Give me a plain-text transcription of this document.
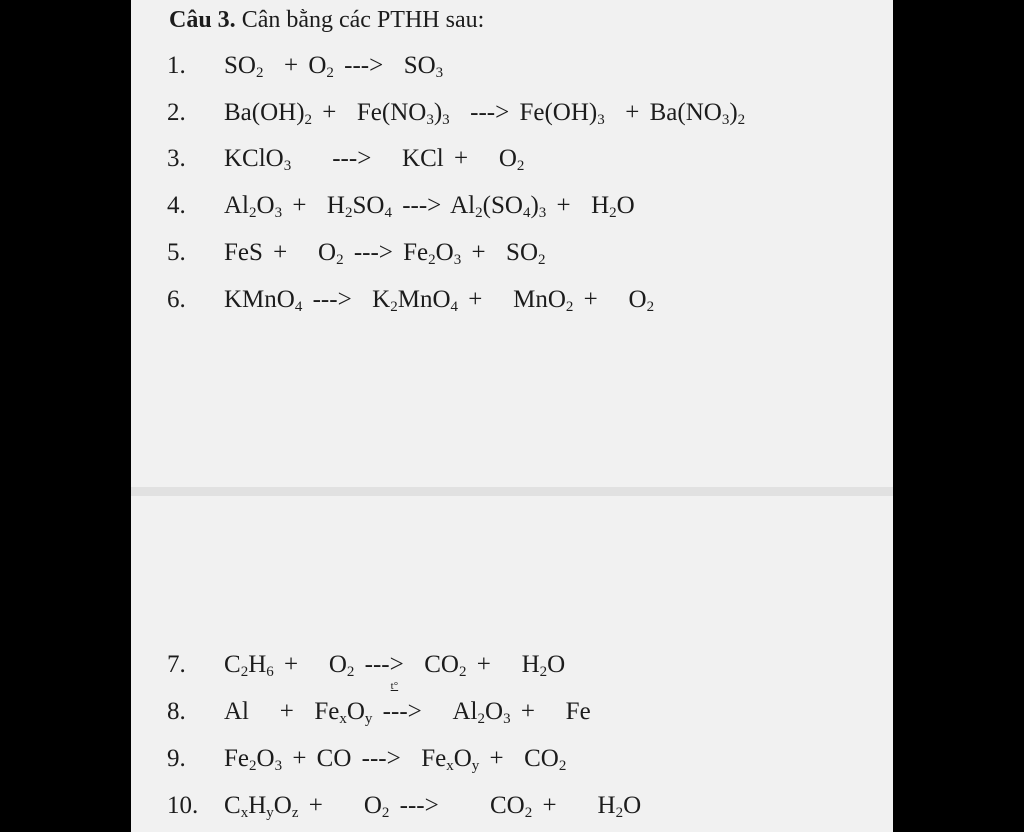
Câu 3. Cân bằng các PTHH sau:
1. $SO_2 + O_2$ --->  $SO_3$
2. $Ba(OH)_2 + Fe(NO_3)_3$  ---> $Fe(OH)_3 + Ba(NO_3)_2$
3. KClO$_3$    --->   KCl +   $O_2$
4. $Al_2O_3 + H_2SO_4$ ---> $Al_2(SO_4)_3 + H_2O$
5. FeS +   $O_2$ ---> $Fe_2O_3 + SO_2$
6. KMnO$_4$ --->  $K_2MnO_4 + MnO_2 + O_2$
7. $C_2H_6 + O_2$ --->  $CO_2 + H_2O$
8. $Al + Fe_xO_y$
t°
--->   $Al_2O_3 + Fe$
9. $Fe_2O_3$ + CO --->  $Fe_xO_y + CO_2$
10. $C_xH_yO_z$ +    $O_2$ --->     $CO_2$ +    $H_2O$
